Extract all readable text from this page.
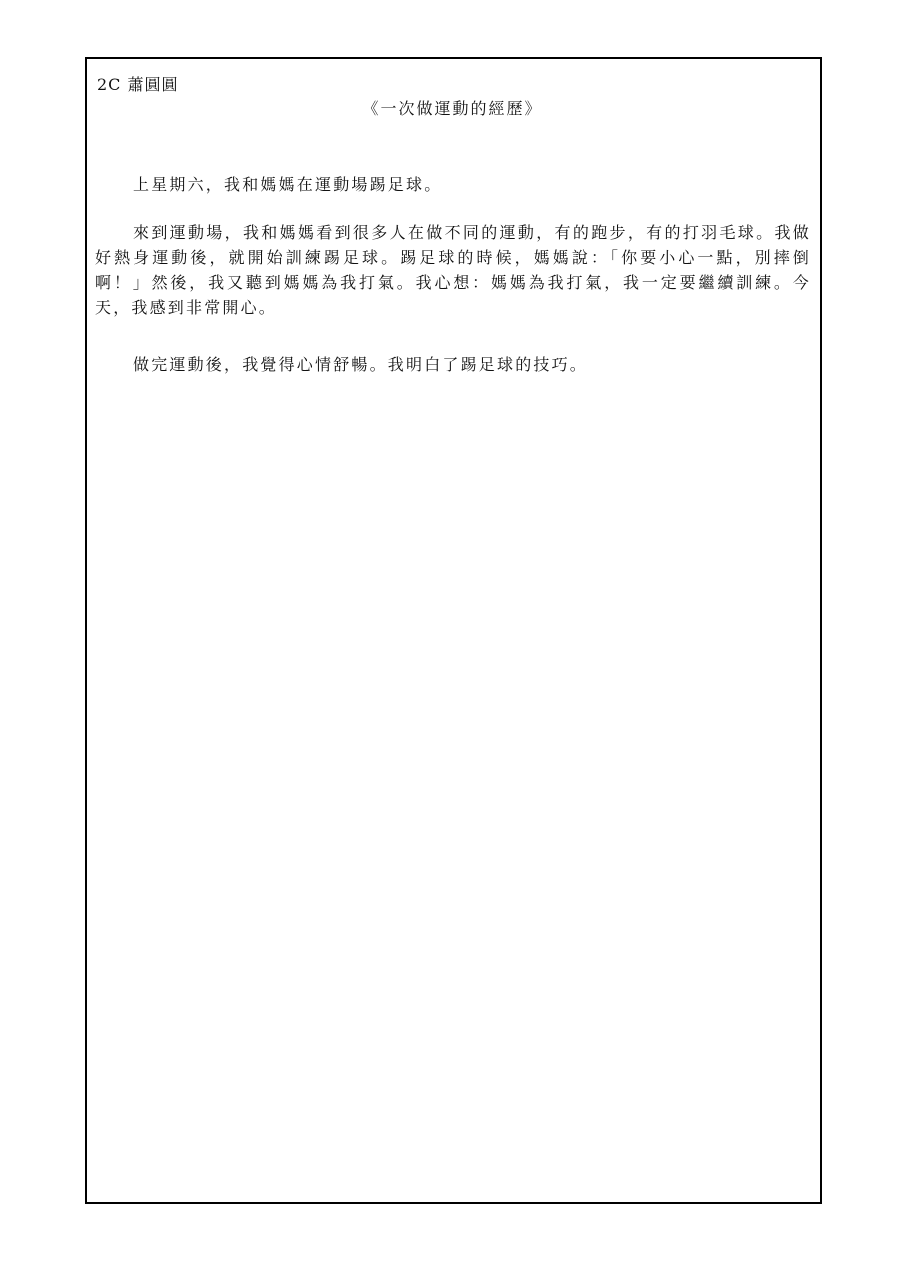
2C 蕭圓圓
《一次做運動的經歷》

上星期六，我和媽媽在運動場踢足球。

來到運動場，我和媽媽看到很多人在做不同的運動，有的跑步，有的打羽毛球。我做好熱身運動後，就開始訓練踢足球。踢足球的時候，媽媽說：「你要小心一點，別摔倒啊！」然後，我又聽到媽媽為我打氣。我心想：媽媽為我打氣，我一定要繼續訓練。今天，我感到非常開心。

做完運動後，我覺得心情舒暢。我明白了踢足球的技巧。
